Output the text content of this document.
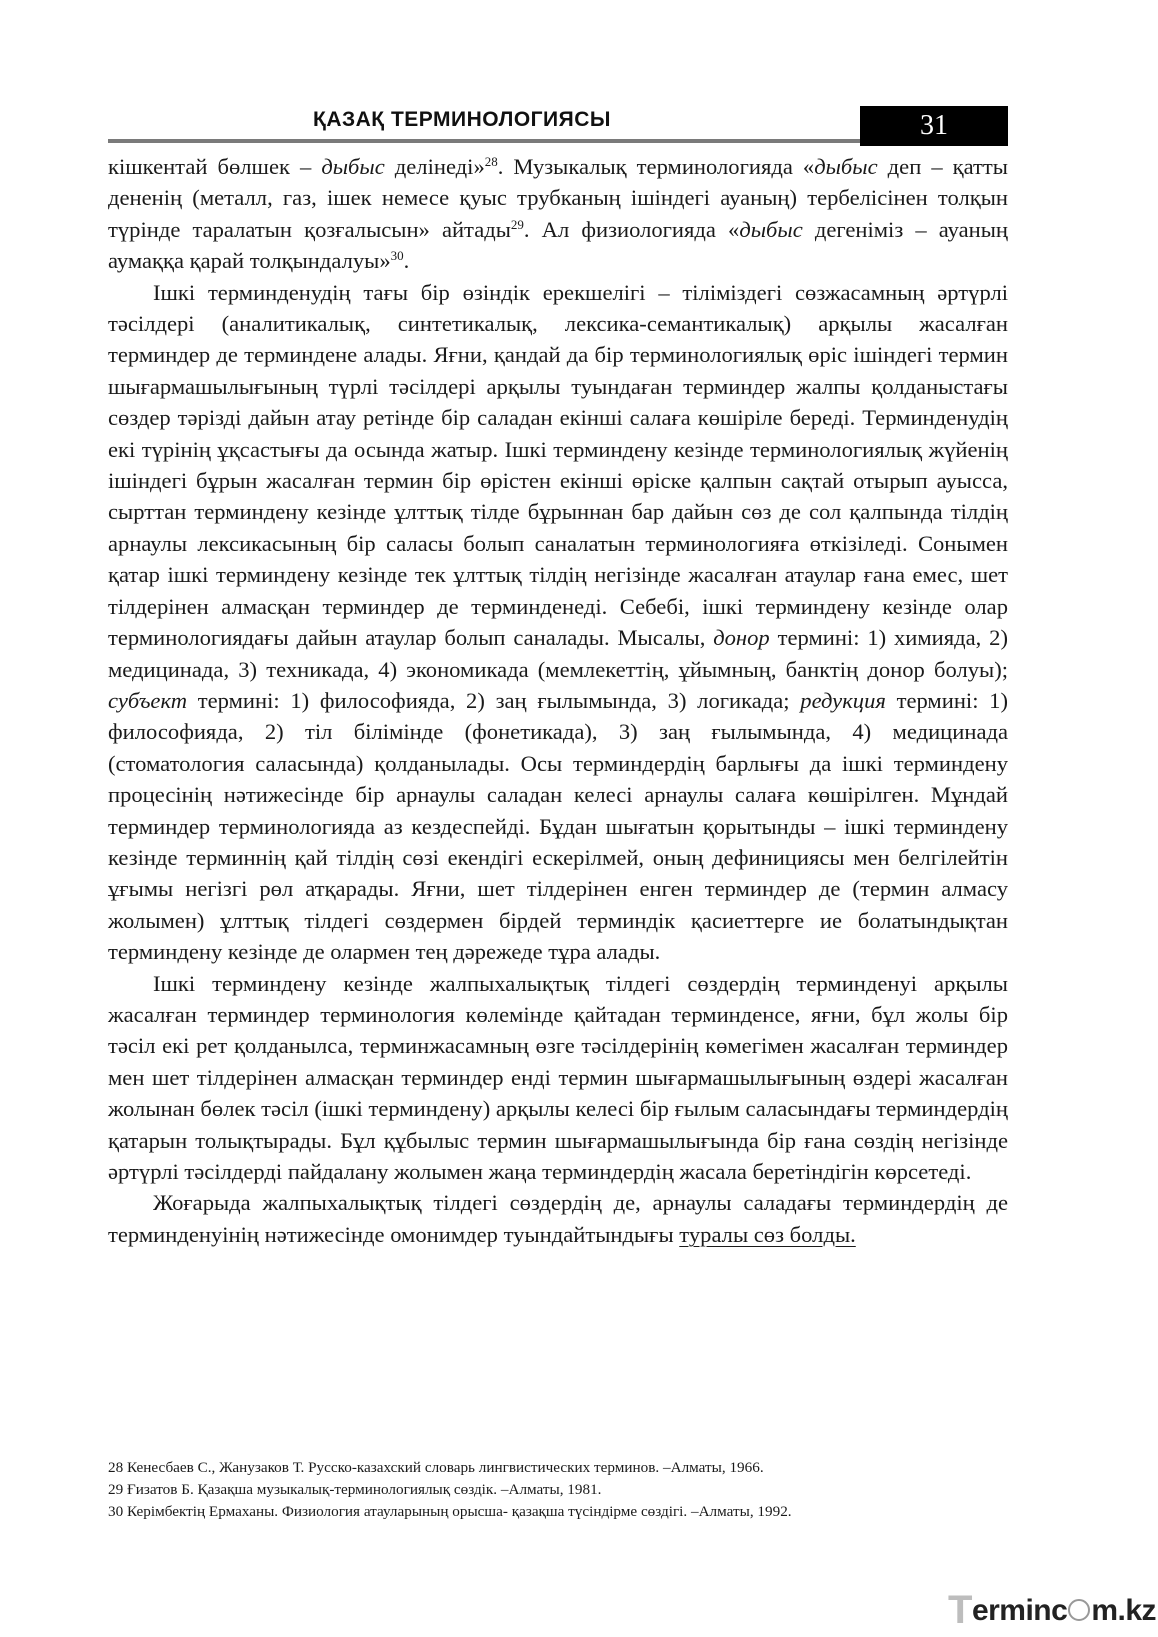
ҚАЗАҚ ТЕРМИНОЛОГИЯСЫ	31

кішкентай бөлшек – дыбыс делінеді»$^{28}$. Музыкалық терминологияда «дыбыс деп – қатты дененің (металл, газ, ішек немесе қуыс трубканың ішіндегі ауаның) тербелісінен толқын түрінде таралатын қозғалысын» айтады$^{29}$. Ал физиологияда «дыбыс дегеніміз – ауаның аумаққа қарай толқындалуы»$^{30}$.

Ішкі терминденудің тағы бір өзіндік ерекшелігі – тіліміздегі сөзжасамның әртүрлі тәсілдері (аналитикалық, синтетикалық, лексика-семантикалық) арқылы жасалған терминдер де терминдене алады. Яғни, қандай да бір терминологиялық өріс ішіндегі термин шығармашылығының түрлі тәсілдері арқылы туындаған терминдер жалпы қолданыстағы сөздер тәрізді дайын атау ретінде бір саладан екінші салаға көшіріле береді. Терминденудің екі түрінің ұқсастығы да осында жатыр. Ішкі терминдену кезінде терминологиялық жүйенің ішіндегі бұрын жасалған термин бір өрістен екінші өріске қалпын сақтай отырып ауысса, сырттан терминдену кезінде ұлттық тілде бұрыннан бар дайын сөз де сол қалпында тілдің арнаулы лексикасының бір саласы болып саналатын терминологияға өткізіледі. Сонымен қатар ішкі терминдену кезінде тек ұлттық тілдің негізінде жасалған атаулар ғана емес, шет тілдерінен алмасқан терминдер де терминденеді. Себебі, ішкі терминдену кезінде олар терминологиядағы дайын атаулар болып саналады. Мысалы, донор термині: 1) химияда, 2) медицинада, 3) техникада, 4) экономикада (мемлекеттің, ұйымның, банктің донор болуы); субъект термині: 1) философияда, 2) заң ғылымында, 3) логикада; редукция термині: 1) философияда, 2) тіл білімінде (фонетикада), 3) заң ғылымында, 4) медицинада (стоматология саласында) қолданылады. Осы терминдердің барлығы да ішкі терминдену процесінің нәтижесінде бір арнаулы саладан келесі арнаулы салаға көшірілген. Мұндай терминдер терминологияда аз кездеспейді. Бұдан шығатын қорытынды – ішкі терминдену кезінде терминнің қай тілдің сөзі екендігі ескерілмей, оның дефинициясы мен белгілейтін ұғымы негізгі рөл атқарады. Яғни, шет тілдерінен енген терминдер де (термин алмасу жолымен) ұлттық тілдегі сөздермен бірдей терминдік қасиеттерге ие болатындықтан терминдену кезінде де олармен тең дәрежеде тұра алады.

Ішкі терминдену кезінде жалпыхалықтық тілдегі сөздердің терминденуі арқылы жасалған терминдер терминология көлемінде қайтадан терминденсе, яғни, бұл жолы бір тәсіл екі рет қолданылса, терминжасамның өзге тәсілдерінің көмегімен жасалған терминдер мен шет тілдерінен алмасқан терминдер енді термин шығармашылығының өздері жасалған жолынан бөлек тәсіл (ішкі терминдену) арқылы келесі бір ғылым саласындағы терминдердің қатарын толықтырады. Бұл құбылыс термин шығармашылығында бір ғана сөздің негізінде әртүрлі тәсілдерді пайдалану жолымен жаңа терминдердің жасала беретіндігін көрсетеді.

Жоғарыда жалпыхалықтық тілдегі сөздердің де, арнаулы саладағы терминдердің де терминденуінің нәтижесінде омонимдер туындайтындығы туралы сөз болды.

28 Кенесбаев С., Жанузаков Т. Русско-казахский словарь лингвистических терминов. –Алматы, 1966.
29 Ғизатов Б. Қазақша музыкалық-терминологиялық сөздік. –Алматы, 1981.
30 Керімбектің Ермаханы. Физиология атауларының орысша- қазақша түсіндірме сөздігі. –Алматы, 1992.
Terminc m.kz
